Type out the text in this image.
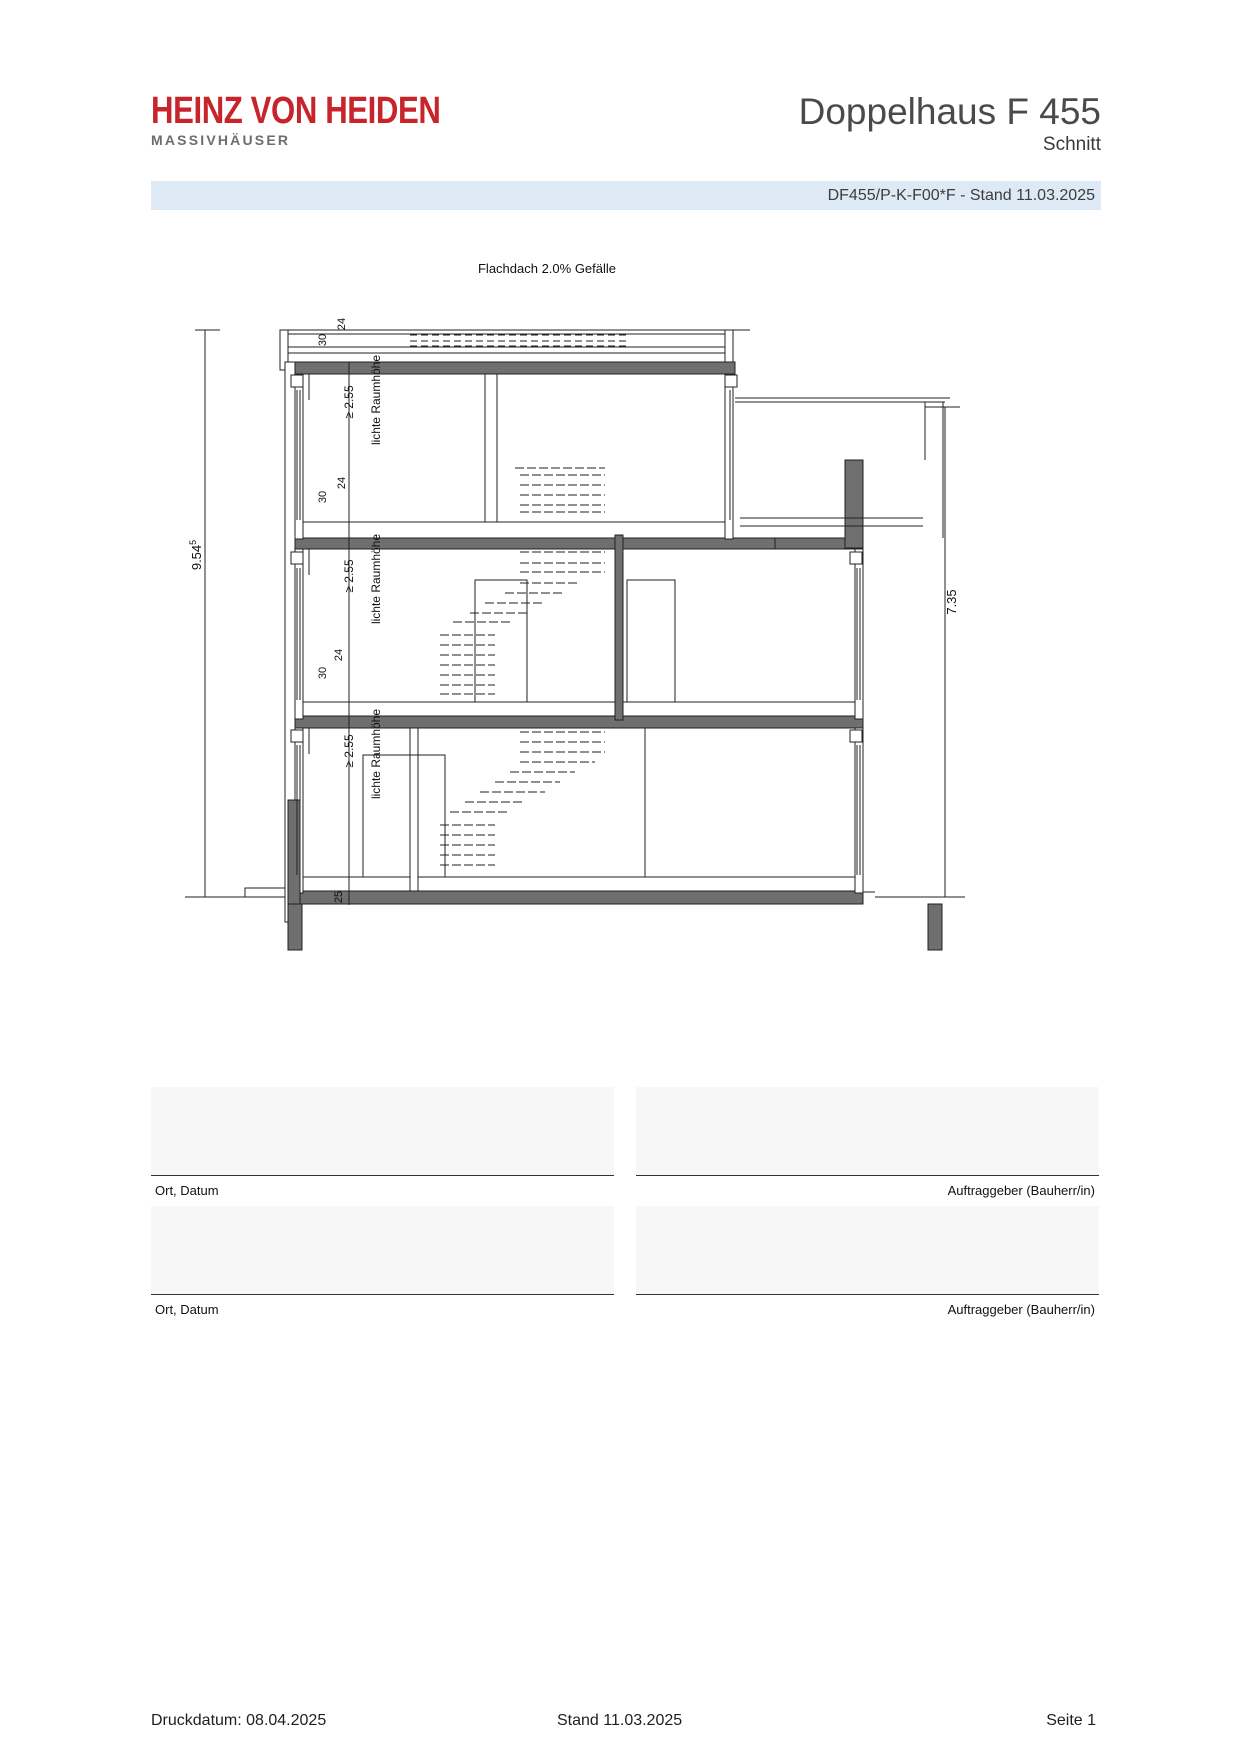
HEINZ VON HEIDEN
MASSIVHÄUSER
Doppelhaus F 455
Schnitt
DF455/P-K-F00*F - Stand 11.03.2025
Flachdach 2.0% Gefälle
9.54$^5$
7.35
24
30
≥ 2.55 lichte Raumhöhe
24
30
≥ 2.55 lichte Raumhöhe
24
30
≥ 2.55 lichte Raumhöhe
25
Ort, Datum	Auftraggeber (Bauherr/in)
Ort, Datum	Auftraggeber (Bauherr/in)
Druckdatum: 08.04.2025	Stand 11.03.2025	Seite 1
